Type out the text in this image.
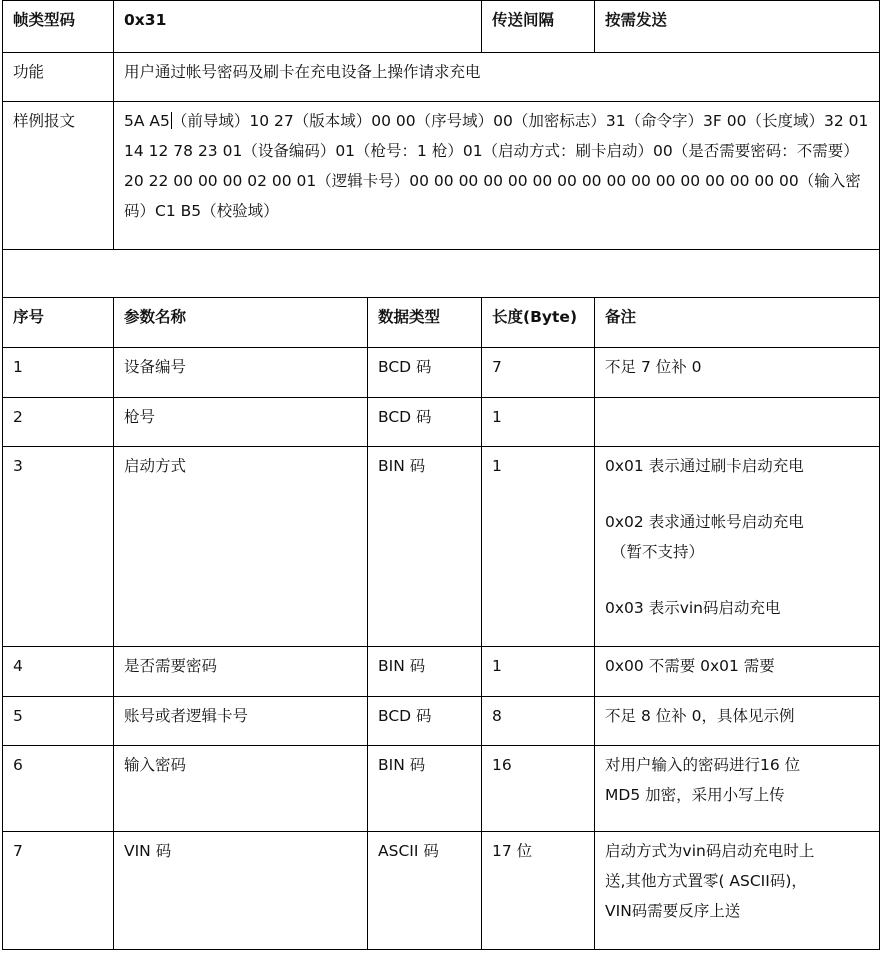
帧类型码	0x31		传送间隔	按需发送
功能	用户通过帐号密码及刷卡在充电设备上操作请求充电			
样例报文	5A A5 （前导域）10 27（版本域）00 00（序号域）00（加密标志）31（命令字）3F 00（长度域）32 01 14 12 78 23 01（设备编码）01（枪号：1 枪）01（启动方式：刷卡启动）00（是否需要密码：不需要）20 22 00 00 00 02 00 01（逻辑卡号）00 00 00 00 00 00 00 00 00 00 00 00 00 00 00 00（输入密码）C1 B5（校验域）			

序号	参数名称	数据类型	长度(Byte)	备注
1	设备编号	BCD 码	7	不足 7 位补 0

2	枪号	BCD 码	1	
3	启动方式	BIN 码	1	0x01 表示通过刷卡启动充电

0x02 表求通过帐号启动充电

（暂不支持）

0x03 表示vin码启动充电

4	是否需要密码	BIN 码	1	0x00 不需要 0x01 需要

5	账号或者逻辑卡号	BCD 码	8	不足 8 位补 0，具体见示例

6	输入密码	BIN 码	16	对用户输入的密码进行16 位

MD5 加密，采用小写上传

7	VIN 码	ASCII 码	17 位	启动方式为vin码启动充电时上

送,其他方式置零( ASCII码)，

VIN码需要反序上送
